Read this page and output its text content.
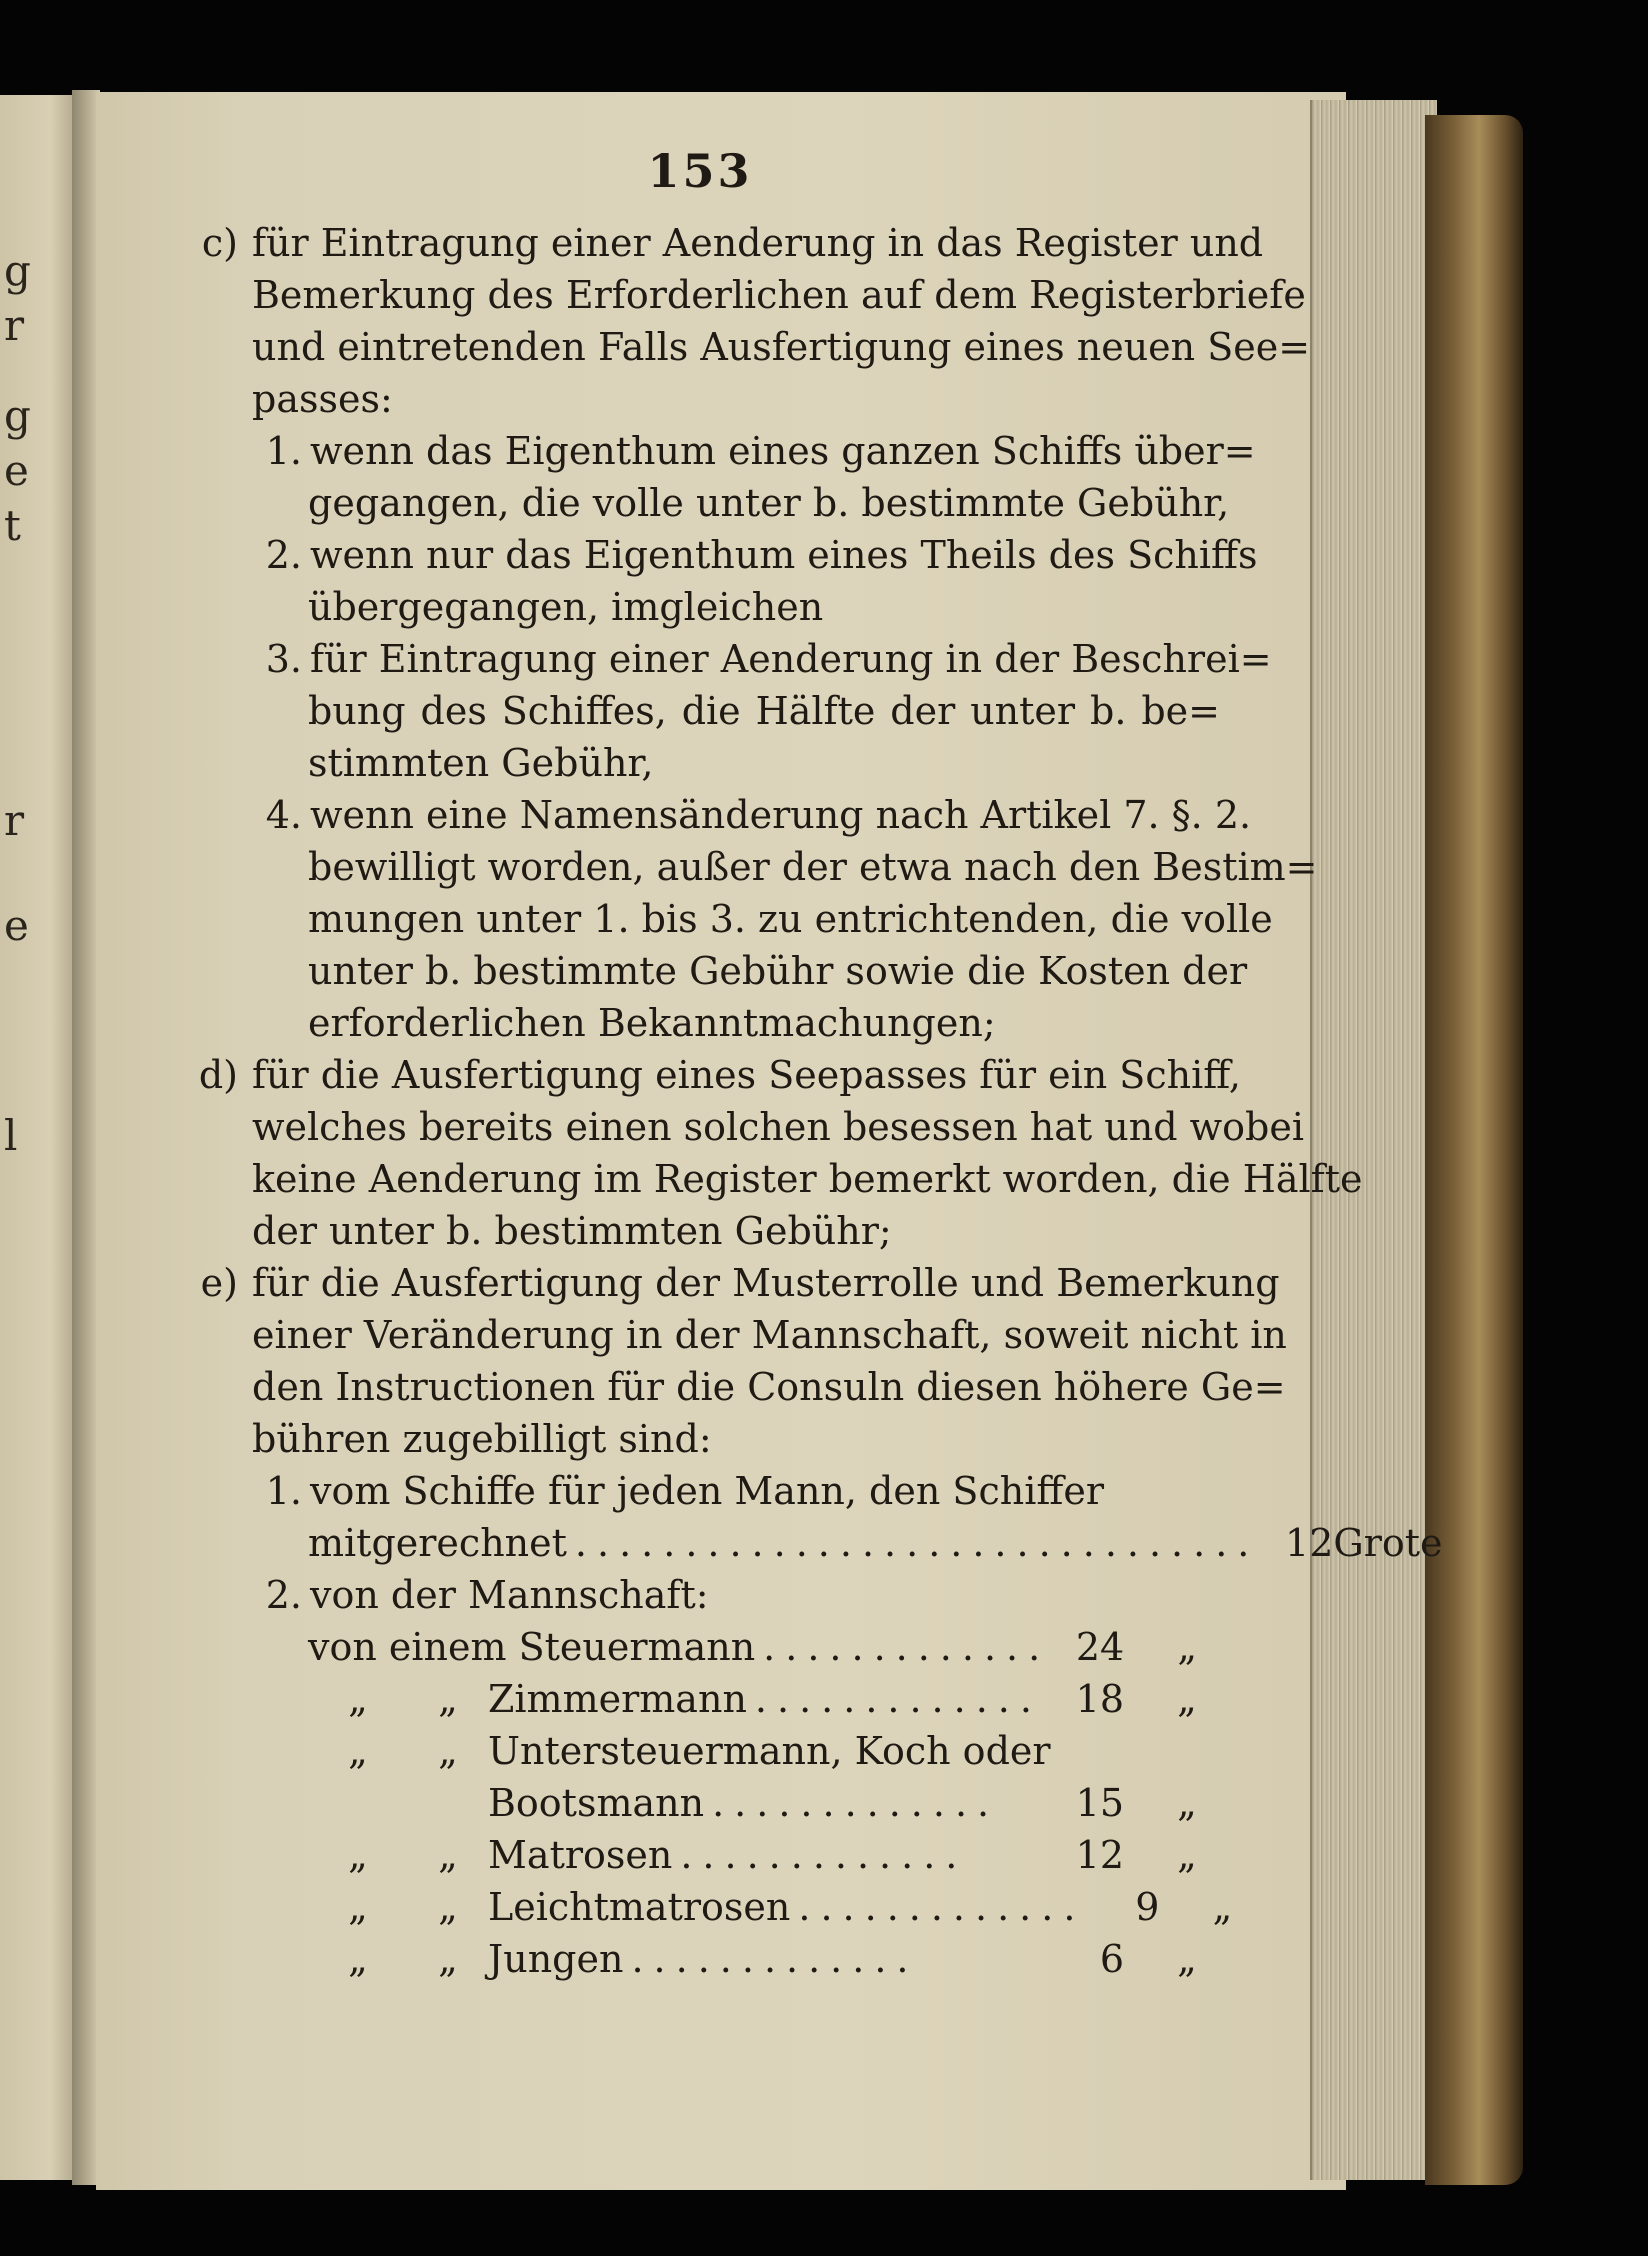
g
r
g
e
t
r
e
l
153
c) für Eintragung einer Aenderung in das Register und
Bemerkung des Erforderlichen auf dem Registerbriefe
und eintretenden Falls Ausfertigung eines neuen See=
passes:
1. wenn das Eigenthum eines ganzen Schiffs über=
gegangen, die volle unter b. bestimmte Gebühr,
2. wenn nur das Eigenthum eines Theils des Schiffs
übergegangen, imgleichen
3. für Eintragung einer Aenderung in der Beschrei=
bung des Schiffes, die Hälfte der unter b. be=
stimmten Gebühr,
4. wenn eine Namensänderung nach Artikel 7. §. 2.
bewilligt worden, außer der etwa nach den Bestim=
mungen unter 1. bis 3. zu entrichtenden, die volle
unter b. bestimmte Gebühr sowie die Kosten der
erforderlichen Bekanntmachungen;
d) für die Ausfertigung eines Seepasses für ein Schiff,
welches bereits einen solchen besessen hat und wobei
keine Aenderung im Register bemerkt worden, die Hälfte
der unter b. bestimmten Gebühr;
e) für die Ausfertigung der Musterrolle und Bemerkung
einer Veränderung in der Mannschaft, soweit nicht in
den Instructionen für die Consuln diesen höhere Ge=
bühren zugebilligt sind:
1. vom Schiffe für jeden Mann, den Schiffer
mitgerechnet ............................... 12 Grote
2. von der Mannschaft:
von einem Steuermann ............. 24	„
„	„ Zimmermann ............. 18	„
„	„ Untersteuermann, Koch oder
Bootsmann .............	15	„
„	„ Matrosen .............	12	„
„	„ Leichtmatrosen .............	9	„
„	„ Jungen .............	6	„
